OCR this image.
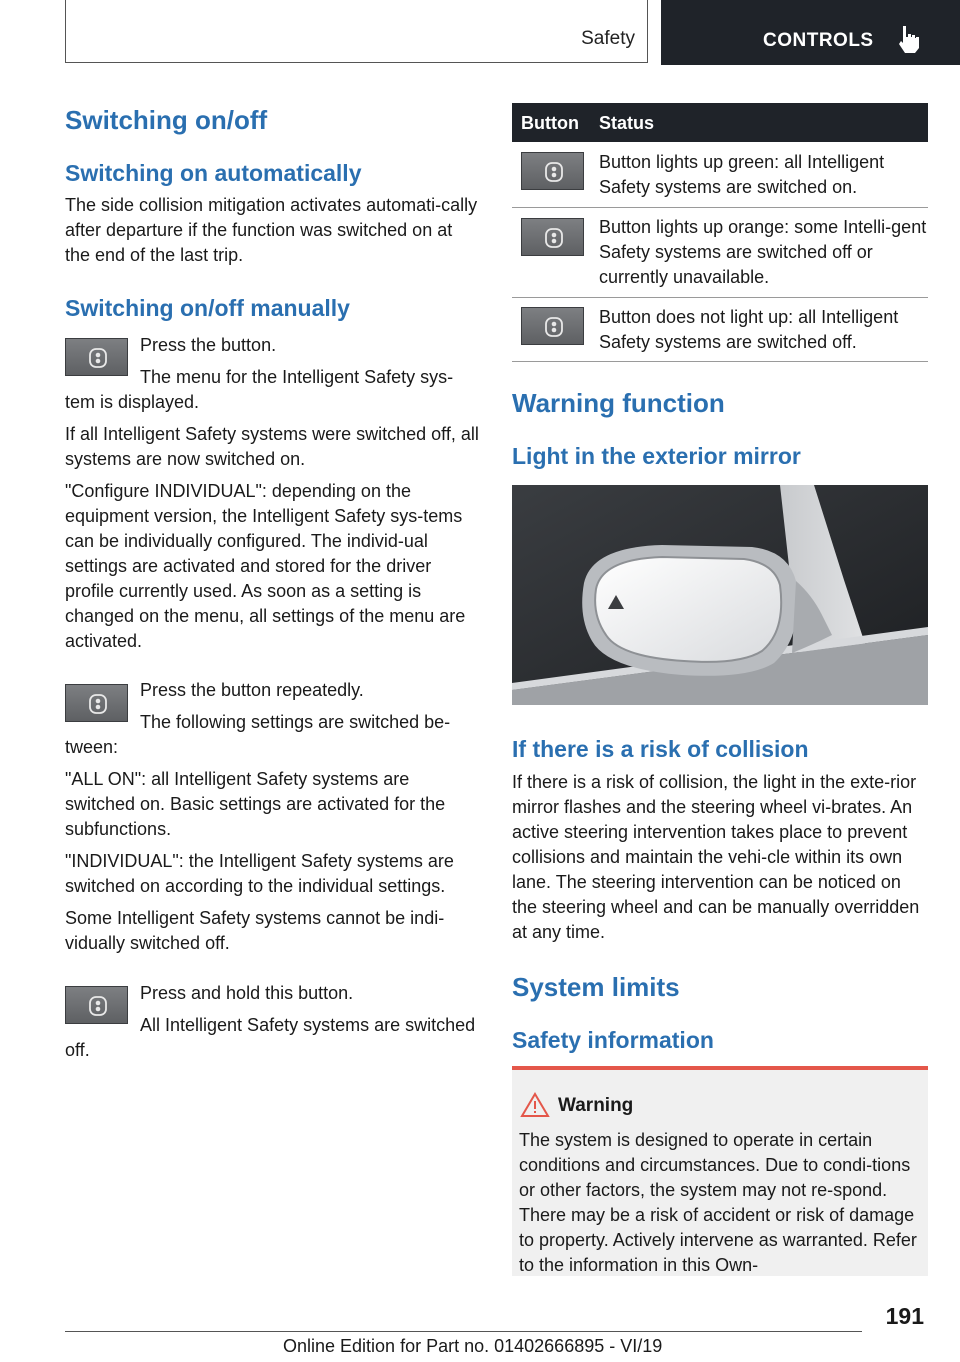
Safety	CONTROLS
Switching on/off
Switching on automatically

The side collision mitigation activates automati-cally after departure if the function was switched on at the end of the last trip.

Switching on/off manually

Press the button.

The menu for the Intelligent Safety sys-tem is displayed.

If all Intelligent Safety systems were switched off, all systems are now switched on.

"Configure INDIVIDUAL": depending on the equipment version, the Intelligent Safety sys-tems can be individually configured. The individ-ual settings are activated and stored for the driver profile currently used. As soon as a setting is changed on the menu, all settings of the menu are activated.

Press the button repeatedly.

The following settings are switched be-tween:

"ALL ON": all Intelligent Safety systems are switched on. Basic settings are activated for the subfunctions.

"INDIVIDUAL": the Intelligent Safety systems are switched on according to the individual settings.

Some Intelligent Safety systems cannot be indi-vidually switched off.

Press and hold this button.

All Intelligent Safety systems are switched off.

Button Status
Button lights up green: all Intelligent Safety systems are switched on.
Button lights up orange: some Intelli-gent Safety systems are switched off or currently unavailable.
Button does not light up: all Intelligent Safety systems are switched off.
Warning function
Light in the exterior mirror
If there is a risk of collision

If there is a risk of collision, the light in the exte-rior mirror flashes and the steering wheel vi-brates. An active steering intervention takes place to prevent collisions and maintain the vehi-cle within its own lane. The steering intervention can be noticed on the steering wheel and can be manually overridden at any time.

System limits
Safety information
Warning

The system is designed to operate in certain conditions and circumstances. Due to condi-tions or other factors, the system may not re-spond. There may be a risk of accident or risk of damage to property. Actively intervene as warranted. Refer to the information in this Own-

191
Online Edition for Part no. 01402666895 - VI/19
